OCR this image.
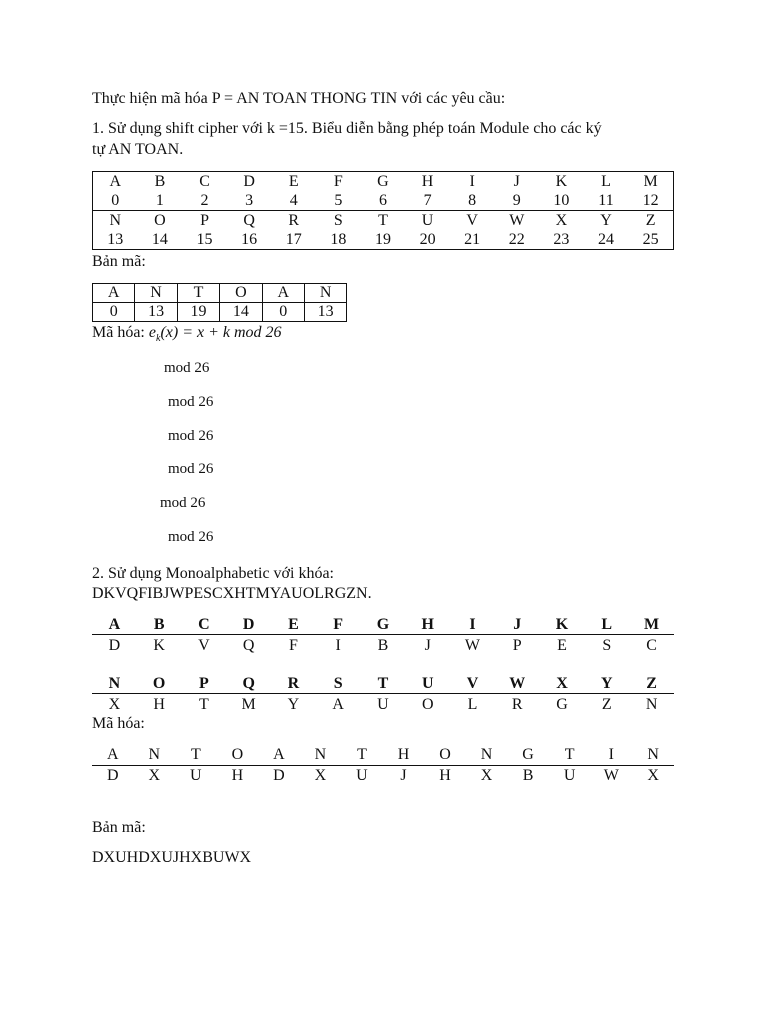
Thực hiện mã hóa P = AN TOAN THONG TIN với các yêu cầu:
1. Sử dụng shift cipher với k =15. Biểu diễn bằng phép toán Module cho các ký
tự AN TOAN.
A	B	C	D	E	F	G	H	I	J	K	L	M
0	1	2	3	4	5	6	7	8	9	10	11	12
N	O	P	Q	R	S	T	U	V	W	X	Y	Z
13	14	15	16	17	18	19	20	21	22	23	24	25
Bản mã:
A	N	T	O	A	N
0	13	19	14	0	13
Mã hóa: $e_k(x) = x + k$ mod 26
mod 26
mod 26
mod 26
mod 26
mod 26
mod 26
2. Sử dụng Monoalphabetic với khóa:
DKVQFIBJWPESCXHTMYAUOLRGZN.
A	B	C	D	E	F	G	H	I	J	K	L	M
D	K	V	Q	F	I	B	J	W	P	E	S	C
N	O	P	Q	R	S	T	U	V	W	X	Y	Z
X	H	T	M	Y	A	U	O	L	R	G	Z	N
Mã hóa:
A	N	T	O	A	N	T	H	O	N	G	T	I	N
D	X	U	H	D	X	U	J	H	X	B	U	W	X
Bản mã:
DXUHDXUJHXBUWX
